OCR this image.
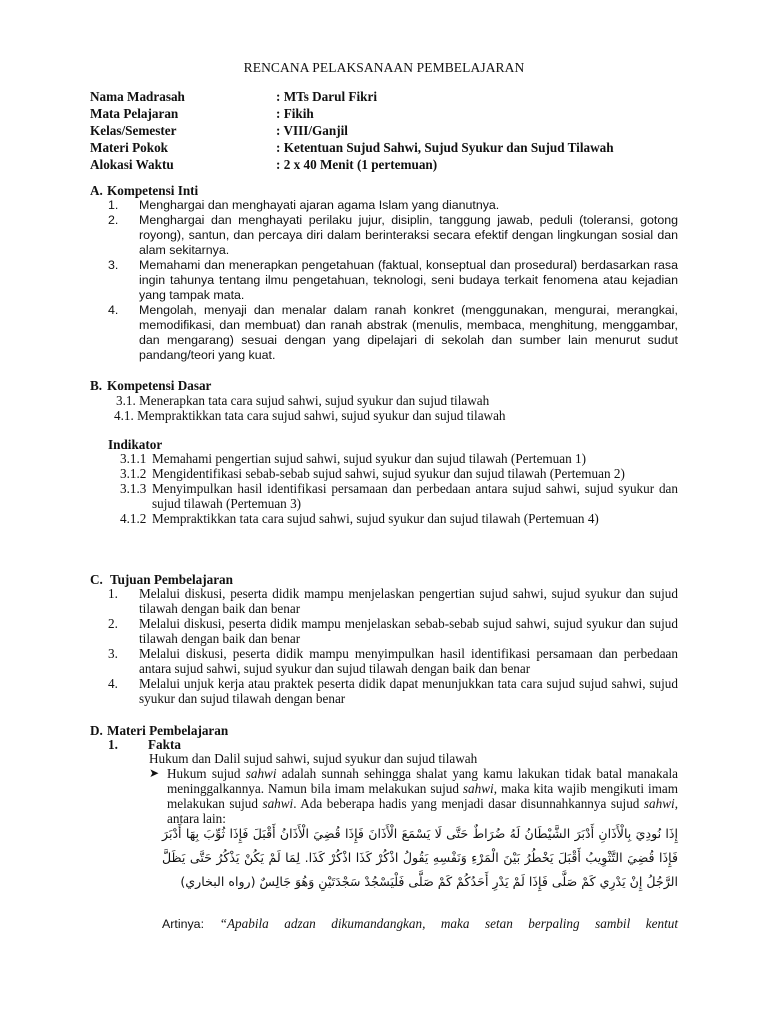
RENCANA PELAKSANAAN PEMBELAJARAN
Nama Madrasah	: MTs Darul Fikri
Mata Pelajaran	: Fikih
Kelas/Semester	: VIII/Ganjil
Materi Pokok	: Ketentuan Sujud Sahwi, Sujud Syukur dan Sujud Tilawah
Alokasi Waktu	: 2 x 40 Menit (1 pertemuan)
A. Kompetensi Inti
1. Menghargai dan menghayati ajaran agama Islam yang dianutnya.
2. Menghargai dan menghayati perilaku jujur, disiplin, tanggung jawab, peduli (toleransi, gotong royong), santun, dan percaya diri dalam berinteraksi secara efektif dengan lingkungan sosial dan alam sekitarnya.
3. Memahami dan menerapkan pengetahuan (faktual, konseptual dan prosedural) berdasarkan rasa ingin tahunya tentang ilmu pengetahuan, teknologi, seni budaya terkait fenomena atau kejadian yang tampak mata.
4. Mengolah, menyaji dan menalar dalam ranah konkret (menggunakan, mengurai, merangkai, memodifikasi, dan membuat) dan ranah abstrak (menulis, membaca, menghitung, menggambar, dan mengarang) sesuai dengan yang dipelajari di sekolah dan sumber lain menurut sudut pandang/teori yang kuat.
B. Kompetensi Dasar
3.1. Menerapkan tata cara sujud sahwi, sujud syukur dan sujud tilawah
4.1. Mempraktikkan tata cara sujud sahwi, sujud syukur dan sujud tilawah
Indikator
3.1.1 Memahami pengertian sujud sahwi, sujud syukur dan sujud tilawah (Pertemuan 1)
3.1.2 Mengidentifikasi sebab-sebab sujud sahwi, sujud syukur dan sujud tilawah (Pertemuan 2)
3.1.3 Menyimpulkan hasil identifikasi persamaan dan perbedaan antara sujud sahwi, sujud syukur dan sujud tilawah (Pertemuan 3)
4.1.2 Mempraktikkan tata cara sujud sahwi, sujud syukur dan sujud tilawah (Pertemuan 4)
C. Tujuan Pembelajaran
1. Melalui diskusi, peserta didik mampu menjelaskan pengertian sujud sahwi, sujud syukur dan sujud tilawah dengan baik dan benar
2. Melalui diskusi, peserta didik mampu menjelaskan sebab-sebab sujud sahwi, sujud syukur dan sujud tilawah dengan baik dan benar
3. Melalui diskusi, peserta didik mampu menyimpulkan hasil identifikasi persamaan dan perbedaan antara sujud sahwi, sujud syukur dan sujud tilawah dengan baik dan benar
4. Melalui unjuk kerja atau praktek peserta didik dapat menunjukkan tata cara sujud sujud sahwi, sujud syukur dan sujud tilawah dengan benar
D. Materi Pembelajaran
1. Fakta
Hukum dan Dalil sujud sahwi, sujud syukur dan sujud tilawah
➤ Hukum sujud sahwi adalah sunnah sehingga shalat yang kamu lakukan tidak batal manakala meninggalkannya. Namun bila imam melakukan sujud sahwi, maka kita wajib mengikuti imam melakukan sujud sahwi. Ada beberapa hadis yang menjadi dasar disunnahkannya sujud sahwi, antara lain:
إِذَا نُودِيَ بِالْأَذَانِ أَدْبَرَ الشَّيْطَانُ لَهُ ضُرَاطٌ حَتَّى لَا يَسْمَعَ الْأَذَانَ فَإِذَا قُضِيَ الْأَذَانُ أَقْبَلَ فَإِذَا ثُوِّبَ بِهَا أَدْبَرَ فَإِذَا قُضِيَ التَّثْوِيبُ أَقْبَلَ يَخْطُرُ بَيْنَ الْمَرْءِ وَنَفْسِهِ يَقُولُ اذْكُرْ كَذَا اذْكُرْ كَذَا. لِمَا لَمْ يَكُنْ يَذْكُرُ حَتَّى يَظَلَّ الرَّجُلُ إِنْ يَدْرِي كَمْ صَلَّى فَإِذَا لَمْ يَدْرِ أَحَدُكُمْ كَمْ صَلَّى فَلْيَسْجُدْ سَجْدَتَيْنِ وَهُوَ جَالِسٌ (رواه البخاري)
Artinya: “Apabila adzan dikumandangkan, maka setan berpaling sambil kentut
